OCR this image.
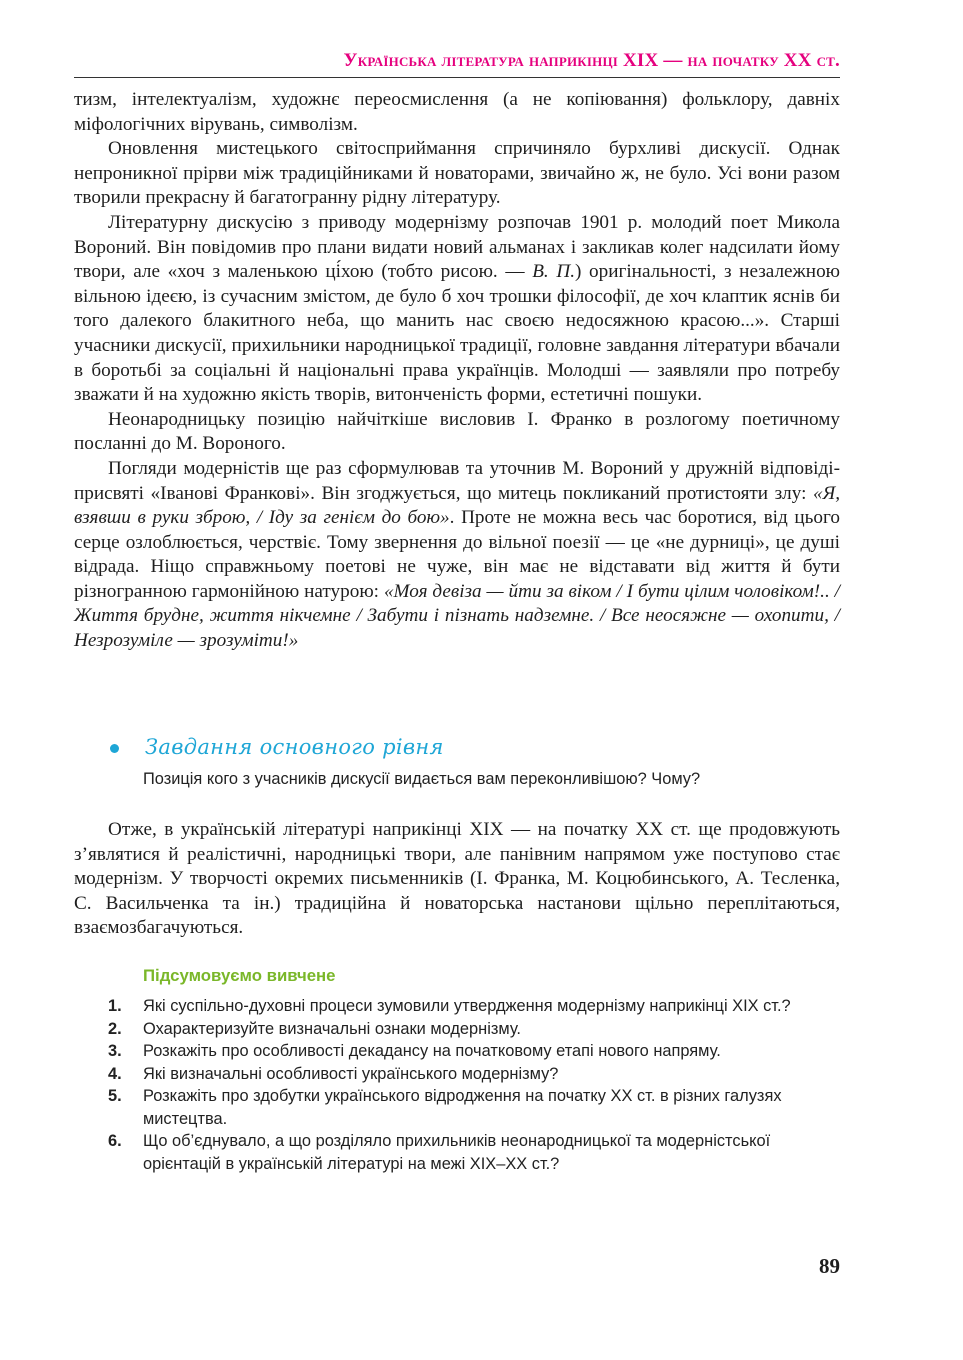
Українська література наприкінці XIX — на початку XX ст.

тизм, інтелектуалізм, художнє переосмислення (а не копіювання) фольклору, давніх міфологічних вірувань, символізм.

Оновлення мистецького світосприймання спричиняло бурхливі дискусії. Однак непроникної прірви між традиційниками й новаторами, звичайно ж, не було. Усі вони разом творили прекрасну й багатогранну рідну літературу.

Літературну дискусію з приводу модернізму розпочав 1901 р. молодий поет Микола Вороний. Він повідомив про плани видати новий альманах і закликав колег надсилати йому твори, але «хоч з маленькою ці́хою (тобто рисою. — В. П.) оригінальності, з незалежною вільною ідеєю, із сучасним змістом, де було б хоч трошки філософії, де хоч клаптик яснів би того далекого блакитного неба, що манить нас своєю недосяжною красою...». Старші учасники дискусії, прихильники народницької традиції, головне завдання літератури вбачали в боротьбі за соціальні й національні права українців. Молодші — заявляли про потребу зважати й на художню якість творів, витонченість форми, естетичні пошуки.

Неонародницьку позицію найчіткіше висловив І. Франко в розлогому поетичному посланні до М. Вороного.

Погляди модерністів ще раз сформулював та уточнив М. Вороний у дружній відповіді-присвяті «Іванові Франкові». Він згоджується, що митець покликаний протистояти злу: «Я, взявши в руки зброю, / Іду за генієм до бою». Проте не можна весь час боротися, від цього серце озлоблюється, черствіє. Тому звернення до вільної поезії — це «не дурниці», це душі відрада. Ніщо справжньому поетові не чуже, він має не відставати від життя й бути різногранною гармонійною натурою: «Моя девіза — йти за віком / І бути цілим чоловіком!.. / Життя брудне, життя нікчемне / Забути і пізнать надземне. / Все неосяжне — охопити, / Незрозуміле — зрозуміти!»

Завдання основного рівня
Позиція кого з учасників дискусії видається вам переконливішою? Чому?

Отже, в українській літературі наприкінці XIX — на початку XX ст. ще продовжують з’являтися й реалістичні, народницькі твори, але панівним напрямом уже поступово стає модернізм. У творчості окремих письменників (І. Франка, М. Коцюбинського, А. Тесленка, С. Васильченка та ін.) традиційна й новаторська настанови щільно переплітаються, взаємозбагачуються.

Підсумовуємо вивчене
1.	Які суспільно-духовні процеси зумовили утвердження модернізму наприкінці XIX ст.?
2.	Охарактеризуйте визначальні ознаки модернізму.
3.	Розкажіть про особливості декадансу на початковому етапі нового напряму.
4.	Які визначальні особливості українського модернізму?
5.	Розкажіть про здобутки українського відродження на початку XX ст. в різних галузях мистецтва.
6.	Що об’єднувало, а що розділяло прихильників неонародницької та модерністської орієнтацій в українській літературі на межі XIX–XX ст.?
89
